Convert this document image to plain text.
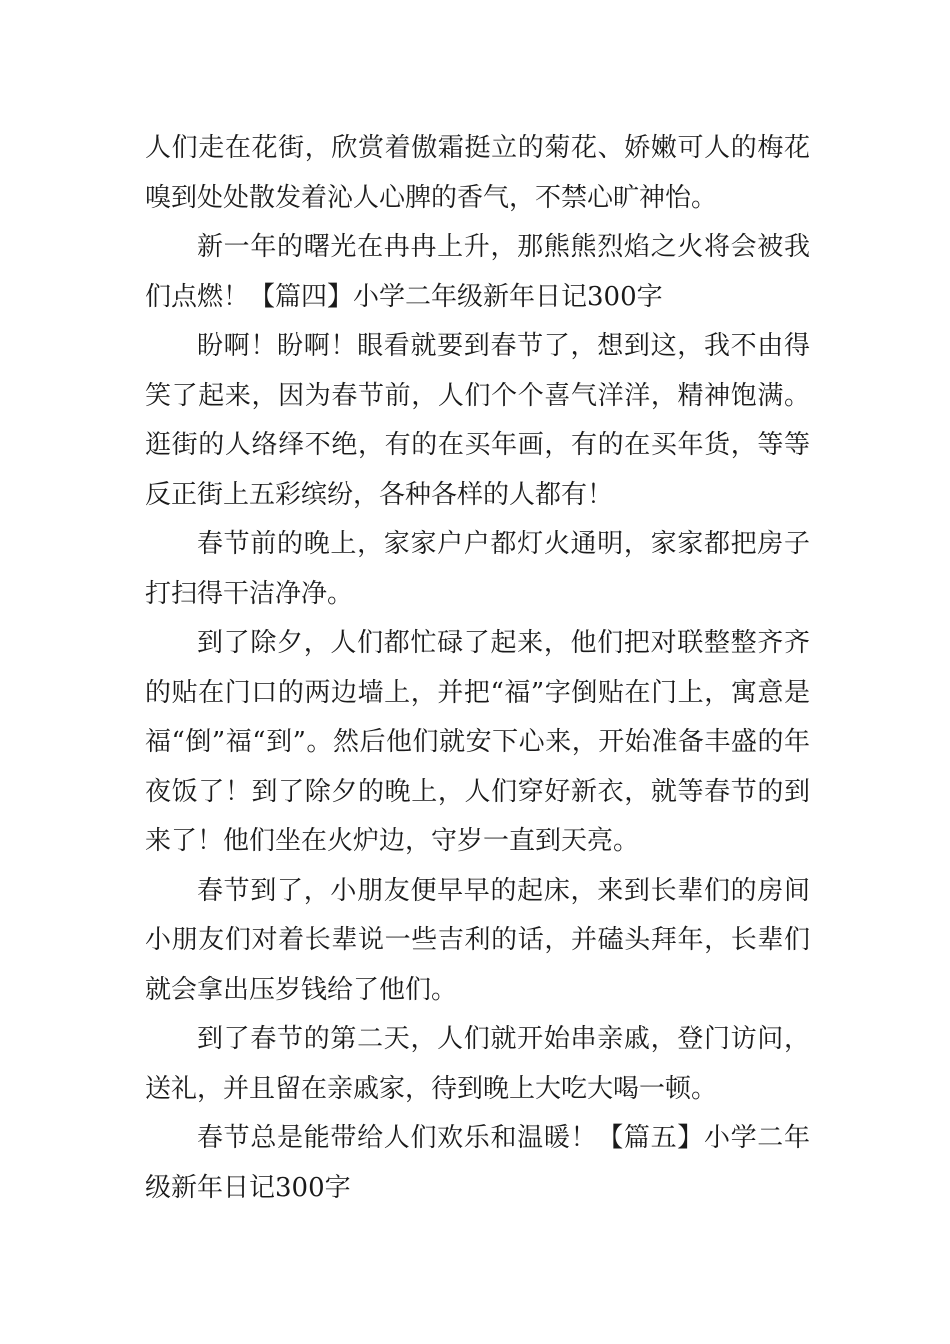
人们走在花街，欣赏着傲霜挺立的菊花、娇嫩可人的梅花嗅到处处散发着沁人心脾的香气，不禁心旷神怡。

新一年的曙光在冉冉上升，那熊熊烈焰之火将会被我们点燃！【篇四】小学二年级新年日记300字

盼啊！盼啊！眼看就要到春节了，想到这，我不由得笑了起来，因为春节前，人们个个喜气洋洋，精神饱满。逛街的人络绎不绝，有的在买年画，有的在买年货，等等反正街上五彩缤纷，各种各样的人都有！

春节前的晚上，家家户户都灯火通明，家家都把房子打扫得干洁净净。

到了除夕，人们都忙碌了起来，他们把对联整整齐齐的贴在门口的两边墙上，并把“福”字倒贴在门上，寓意是福“倒”福“到”。然后他们就安下心来，开始准备丰盛的年夜饭了！到了除夕的晚上，人们穿好新衣，就等春节的到来了！他们坐在火炉边，守岁一直到天亮。

春节到了，小朋友便早早的起床，来到长辈们的房间小朋友们对着长辈说一些吉利的话，并磕头拜年，长辈们就会拿出压岁钱给了他们。

到了春节的第二天，人们就开始串亲戚，登门访问，送礼，并且留在亲戚家，待到晚上大吃大喝一顿。

春节总是能带给人们欢乐和温暖！【篇五】小学二年级新年日记300字
